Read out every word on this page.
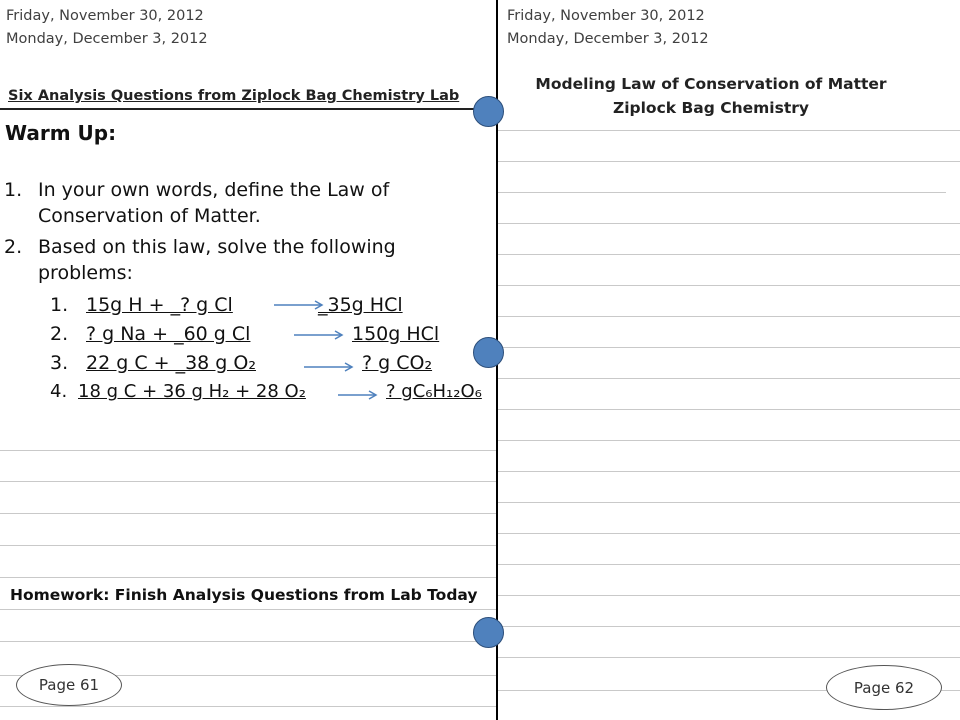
Friday, November 30, 2012
Monday, December 3, 2012
Six Analysis Questions from Ziplock Bag Chemistry Lab
Warm Up:
1. In your own words, define the Law of
Conservation of Matter.
2. Based on this law, solve the following
problems:
1. 15g H + _? g Cl	_35g HCl
2. ? g Na + _60 g Cl	→ 150g HCl
3. 22 g C + _38 g O₂	→ ? g CO₂
4. 18 g C + 36 g H₂ + 28 O₂ → ? gC₆H₁₂O₆
Homework: Finish Analysis Questions from Lab Today
Page 61
Friday, November 30, 2012
Monday, December 3, 2012
Modeling Law of Conservation of Matter
Ziplock Bag Chemistry
Page 62
